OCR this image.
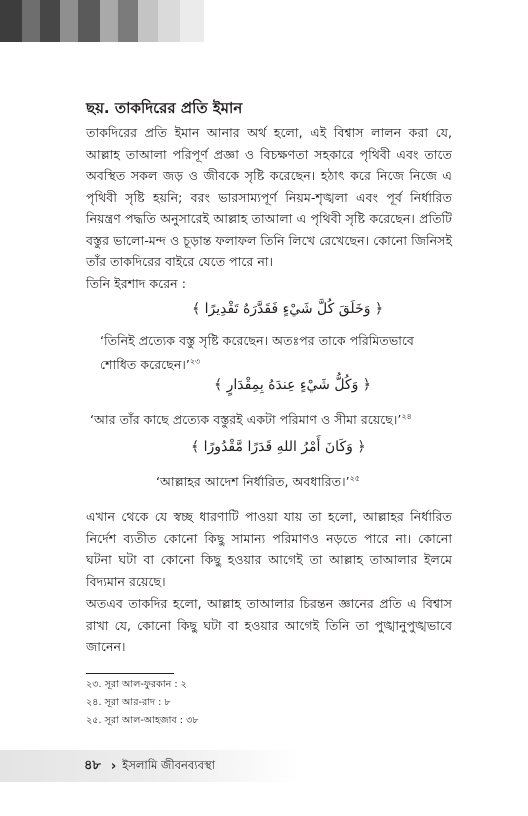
ছয়. তাকদিরের প্রতি ইমান

তাকদিরের প্রতি ইমান আনার অর্থ হলো, এই বিশ্বাস লালন করা যে, আল্লাহ তাআলা পরিপূর্ণ প্রজ্ঞা ও বিচক্ষণতা সহকারে পৃথিবী এবং তাতে অবস্থিত সকল জড় ও জীবকে সৃষ্টি করেছেন। হঠাৎ করে নিজে নিজে এ পৃথিবী সৃষ্টি হয়নি; বরং ভারসাম্যপূর্ণ নিয়ম-শৃঙ্খলা এবং পূর্ব নির্ধারিত নিয়ন্ত্রণ পদ্ধতি অনুসারেই আল্লাহ তাআলা এ পৃথিবী সৃষ্টি করেছেন। প্রতিটি বস্তুর ভালো-মন্দ ও চূড়ান্ত ফলাফল তিনি লিখে রেখেছেন। কোনো জিনিসই তাঁর তাকদিরের বাইরে যেতে পারে না।

তিনি ইরশাদ করেন :

﴿ وَخَلَقَ كُلَّ شَيْءٍ فَقَدَّرَهُ تَقْدِيرًا ﴾

‘তিনিই প্রত্যেক বস্তু সৃষ্টি করেছেন। অতঃপর তাকে পরিমিতভাবে
শোধিত করেছেন।’$^{২৩}$

﴿ وَكُلُّ شَيْءٍ عِندَهُ بِمِقْدَارٍ ﴾

‘আর তাঁর কাছে প্রত্যেক বস্তুরই একটা পরিমাণ ও সীমা রয়েছে।’$^{২৪}$

﴿ وَكَانَ أَمْرُ اللهِ قَدَرًا مَّقْدُورًا ﴾

‘আল্লাহর আদেশ নির্ধারিত, অবধারিত।’$^{২৫}$

এখান থেকে যে স্বচ্ছ ধারণাটি পাওয়া যায় তা হলো, আল্লাহর নির্ধারিত নির্দেশ ব্যতীত কোনো কিছু সামান্য পরিমাণও নড়তে পারে না। কোনো ঘটনা ঘটা বা কোনো কিছু হওয়ার আগেই তা আল্লাহ তাআলার ইলমে বিদ্যমান রয়েছে।

অতএব তাকদির হলো, আল্লাহ তাআলার চিরন্তন জ্ঞানের প্রতি এ বিশ্বাস রাখা যে, কোনো কিছু ঘটা বা হওয়ার আগেই তিনি তা পুঙ্খানুপুঙ্খভাবে জানেন।

২৩. সূরা আল-ফুরকান : ২

২৪. সূরা আর-রাদ : ৮

২৫. সূরা আল-আহজাব : ৩৮

৪৮ › ইসলামি জীবনব্যবস্থা
